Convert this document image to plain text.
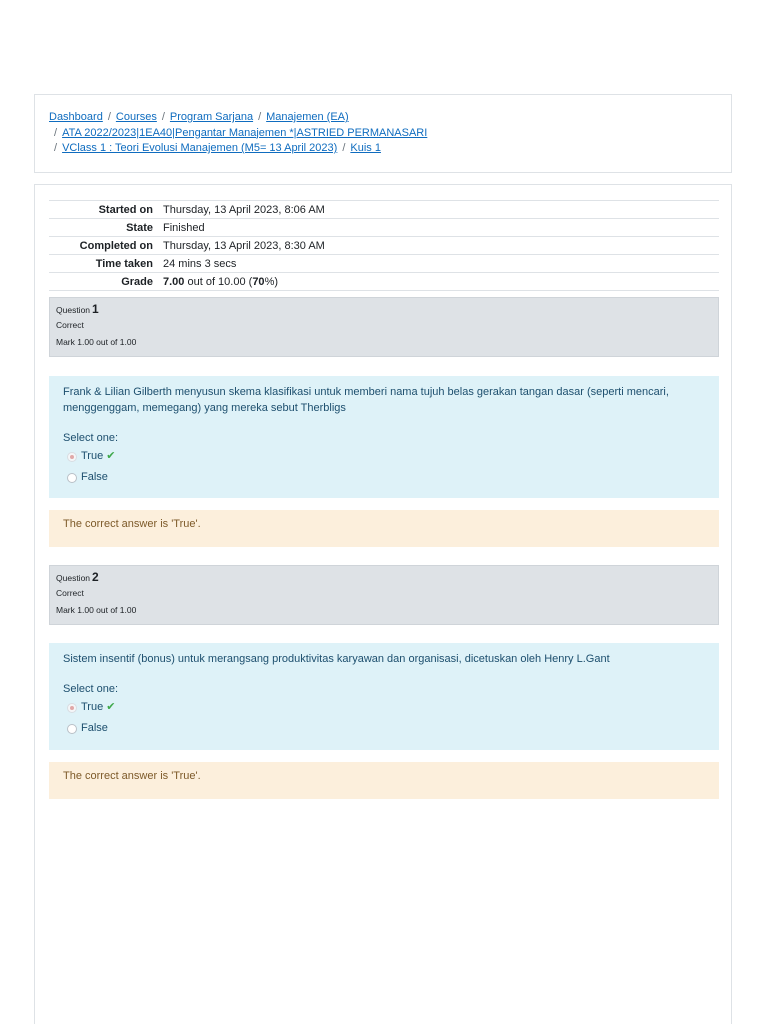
Dashboard / Courses / Program Sarjana / Manajemen (EA)
/ ATA 2022/2023|1EA40|Pengantar Manajemen *|ASTRIED PERMANASARI
/ VClass 1 : Teori Evolusi Manajemen (M5= 13 April 2023) / Kuis 1
Started on	Thursday, 13 April 2023, 8:06 AM
State	Finished
Completed on	Thursday, 13 April 2023, 8:30 AM
Time taken	24 mins 3 secs
Grade	7.00 out of 10.00 (70%)
Question 1
Correct
Mark 1.00 out of 1.00
Frank & Lilian Gilberth menyusun skema klasifikasi untuk memberi nama tujuh belas gerakan tangan dasar (seperti mencari, menggenggam, memegang) yang mereka sebut Therbligs
Select one:
True ✔
False
The correct answer is 'True'.
Question 2
Correct
Mark 1.00 out of 1.00
Sistem insentif (bonus) untuk merangsang produktivitas karyawan dan organisasi, dicetuskan oleh Henry L.Gant
Select one:
True ✔
False
The correct answer is 'True'.
